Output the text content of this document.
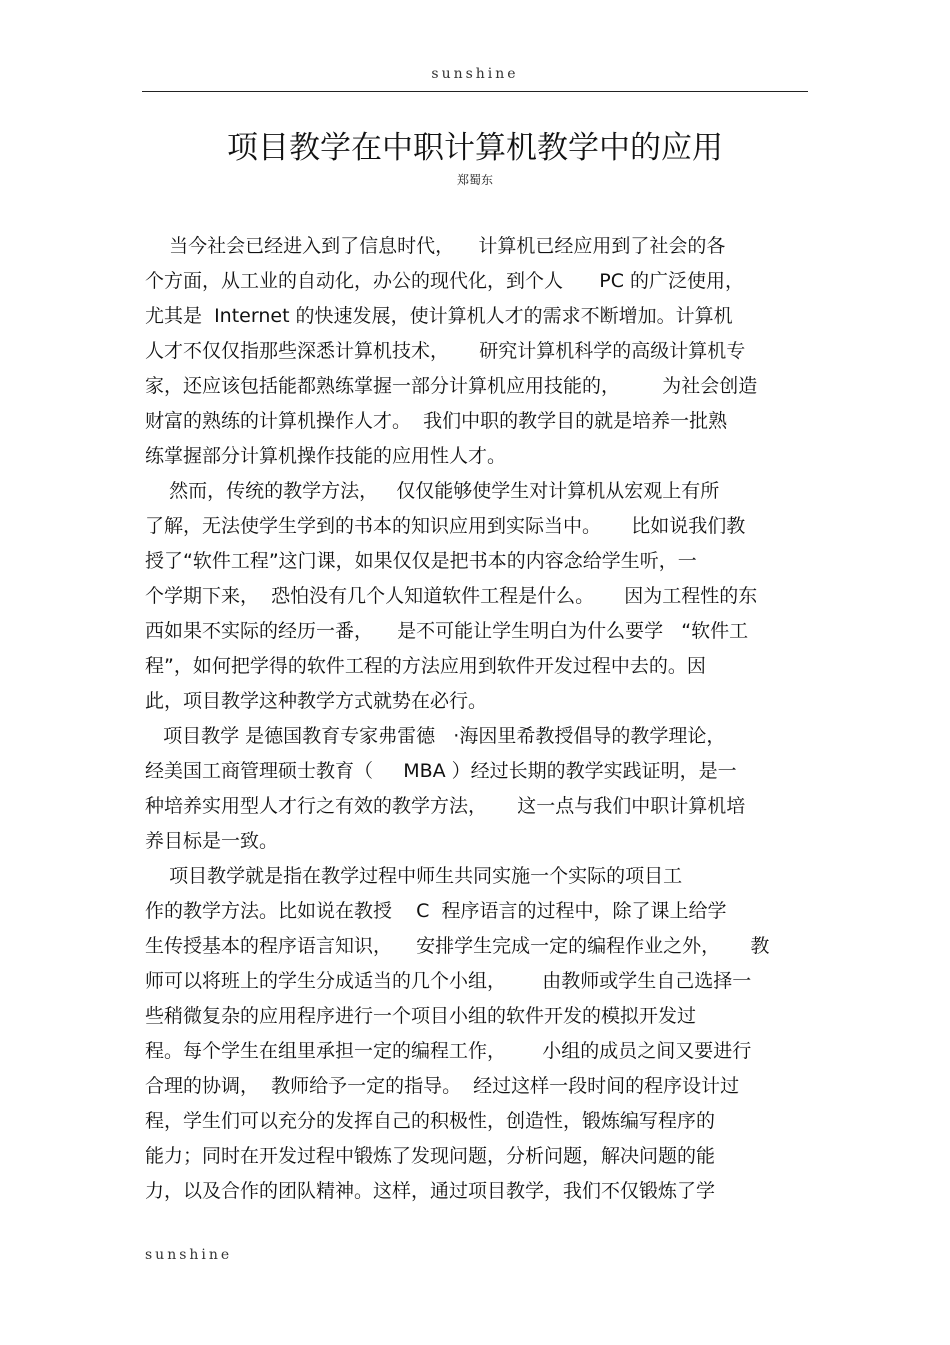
sunshine
项目教学在中职计算机教学中的应用
郑蜀东
当今社会已经进入到了信息时代，    计算机已经应用到了社会的各
个方面，从工业的自动化，办公的现代化，到个人      PC 的广泛使用，
尤其是  Internet 的快速发展，使计算机人才的需求不断增加。计算机
人才不仅仅指那些深悉计算机技术，     研究计算机科学的高级计算机专
家，还应该包括能都熟练掌握一部分计算机应用技能的，       为社会创造
财富的熟练的计算机操作人才。  我们中职的教学目的就是培养一批熟
练掌握部分计算机操作技能的应用性人才。
然而，传统的教学方法，   仅仅能够使学生对计算机从宏观上有所
了解，无法使学生学到的书本的知识应用到实际当中。     比如说我们教
授了“软件工程”这门课，如果仅仅是把书本的内容念给学生听，一
个学期下来，  恐怕没有几个人知道软件工程是什么。     因为工程性的东
西如果不实际的经历一番，    是不可能让学生明白为什么要学   “软件工
程”，如何把学得的软件工程的方法应用到软件开发过程中去的。因
此，项目教学这种教学方式就势在必行。
项目教学 是德国教育专家弗雷德   ·海因里希教授倡导的教学理论，
经美国工商管理硕士教育（     MBA ）经过长期的教学实践证明，是一
种培养实用型人才行之有效的教学方法，     这一点与我们中职计算机培
养目标是一致。
项目教学就是指在教学过程中师生共同实施一个实际的项目工
作的教学方法。比如说在教授    C  程序语言的过程中，除了课上给学
生传授基本的程序语言知识，    安排学生完成一定的编程作业之外，     教
师可以将班上的学生分成适当的几个小组，      由教师或学生自己选择一
些稍微复杂的应用程序进行一个项目小组的软件开发的模拟开发过
程。每个学生在组里承担一定的编程工作，      小组的成员之间又要进行
合理的协调，  教师给予一定的指导。  经过这样一段时间的程序设计过
程，学生们可以充分的发挥自己的积极性，创造性，锻炼编写程序的
能力；同时在开发过程中锻炼了发现问题，分析问题，解决问题的能
力，以及合作的团队精神。这样，通过项目教学，我们不仅锻炼了学
sunshine
